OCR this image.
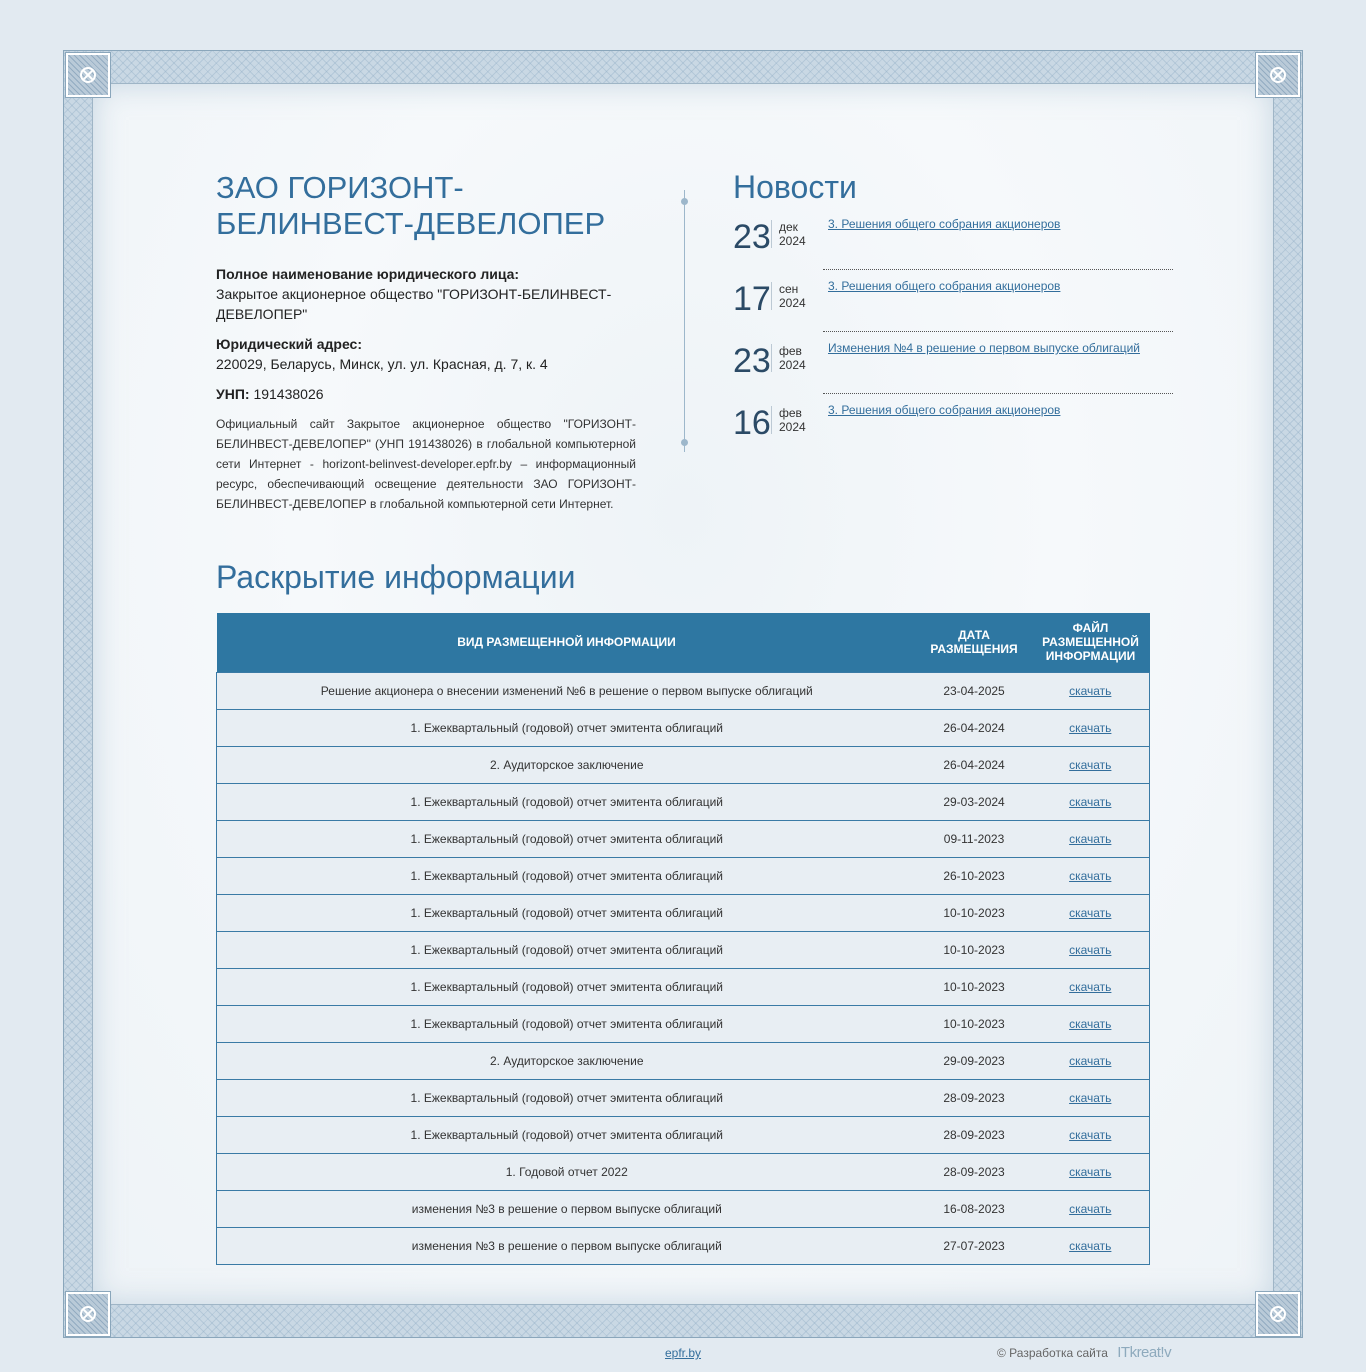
ЗАО ГОРИЗОНТ-БЕЛИНВЕСТ-ДЕВЕЛОПЕР
Полное наименование юридического лица:
Закрытое акционерное общество "ГОРИЗОНТ-БЕЛИНВЕСТ-ДЕВЕЛОПЕР"
Юридический адрес:
220029, Беларусь, Минск, ул. ул. Красная, д. 7, к. 4
УНП: 191438026
Официальный сайт Закрытое акционерное общество "ГОРИЗОНТ-БЕЛИНВЕСТ-ДЕВЕЛОПЕР" (УНП 191438026) в глобальной компьютерной сети Интернет - horizont-belinvest-developer.epfr.by – информационный ресурс, обеспечивающий освещение деятельности ЗАО ГОРИЗОНТ-БЕЛИНВЕСТ-ДЕВЕЛОПЕР в глобальной компьютерной сети Интернет.
Новости
23 дек
2024
3. Решения общего собрания акционеров
17 сен
2024
3. Решения общего собрания акционеров
23 фев
2024
Изменения №4 в решение о первом выпуске облигаций
16 фев
2024
3. Решения общего собрания акционеров
Раскрытие информации
ВИД РАЗМЕЩЕННОЙ ИНФОРМАЦИИ	ДАТА РАЗМЕЩЕНИЯ	ФАЙЛ РАЗМЕЩЕННОЙ ИНФОРМАЦИИ
Решение акционера о внесении изменений №6 в решение о первом выпуске облигаций	23-04-2025	скачать
1. Ежеквартальный (годовой) отчет эмитента облигаций	26-04-2024	скачать
2. Аудиторское заключение	26-04-2024	скачать
1. Ежеквартальный (годовой) отчет эмитента облигаций	29-03-2024	скачать
1. Ежеквартальный (годовой) отчет эмитента облигаций	09-11-2023	скачать
1. Ежеквартальный (годовой) отчет эмитента облигаций	26-10-2023	скачать
1. Ежеквартальный (годовой) отчет эмитента облигаций	10-10-2023	скачать
1. Ежеквартальный (годовой) отчет эмитента облигаций	10-10-2023	скачать
1. Ежеквартальный (годовой) отчет эмитента облигаций	10-10-2023	скачать
1. Ежеквартальный (годовой) отчет эмитента облигаций	10-10-2023	скачать
2. Аудиторское заключение	29-09-2023	скачать
1. Ежеквартальный (годовой) отчет эмитента облигаций	28-09-2023	скачать
1. Ежеквартальный (годовой) отчет эмитента облигаций	28-09-2023	скачать
1. Годовой отчет 2022	28-09-2023	скачать
изменения №3 в решение о первом выпуске облигаций	16-08-2023	скачать
изменения №3 в решение о первом выпуске облигаций	27-07-2023	скачать
epfr.by	© Разработка сайта ITkreat!v
